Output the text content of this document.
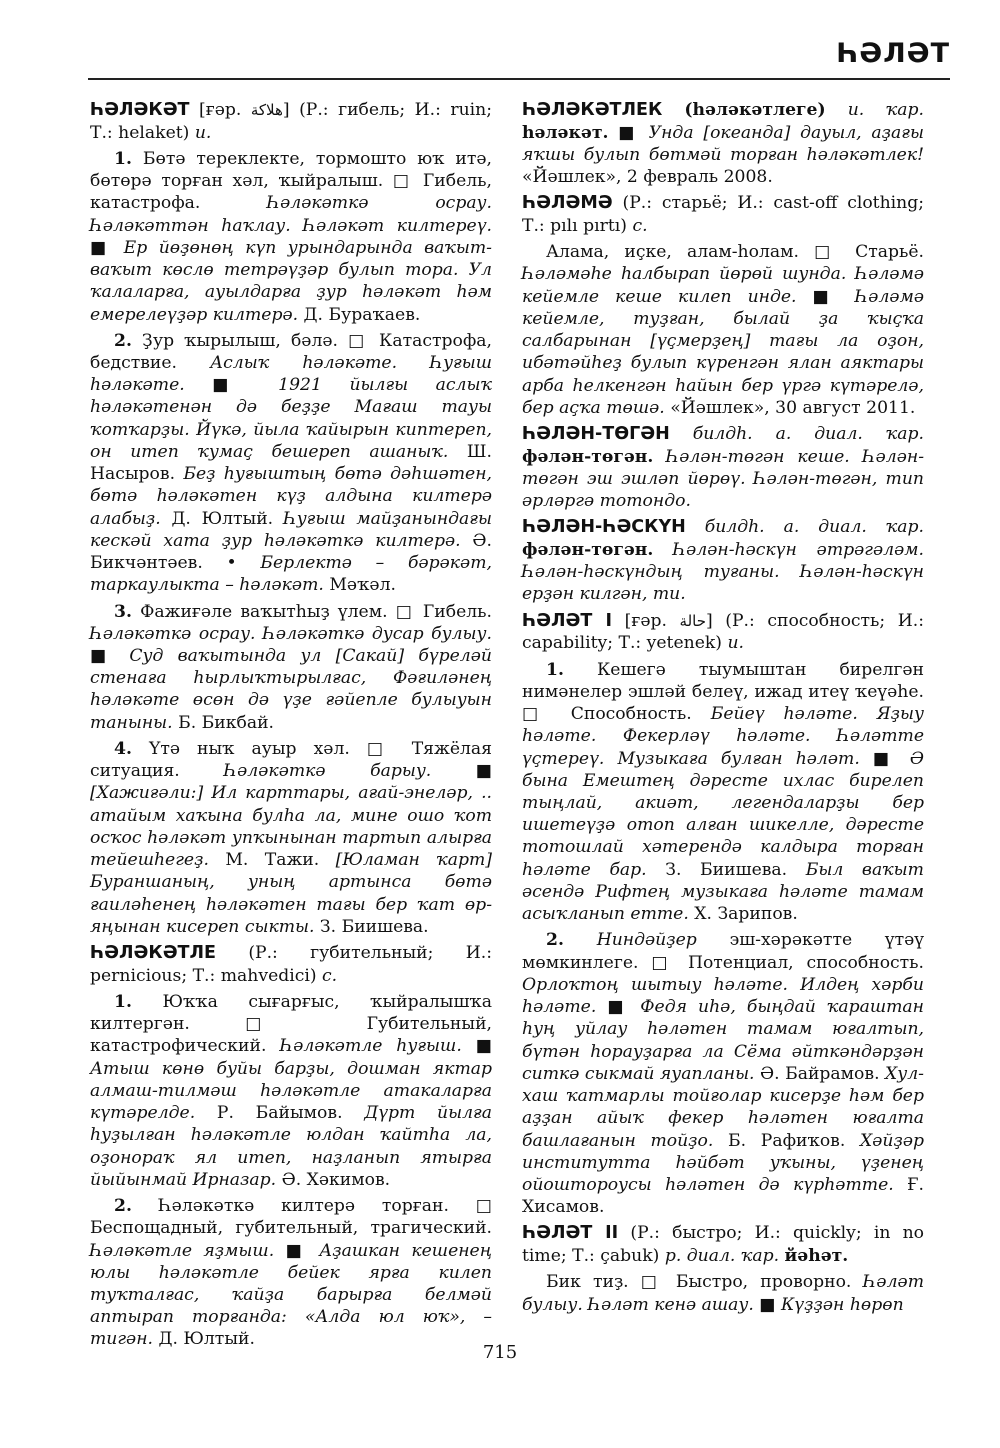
ҺӘЛӘТ

ҺӘЛӘКӘТ [ғәр. هلاكة] (Р.: гибель; И.: ruin; Т.: helaket) и.

1. Бөтә тереклекте, тормошто юҡ итә, бөтөрә торған хәл, ҡыйралыш. □ Гибель, катастрофа. Һәләкәткә осрау. Һәләкәттән һаҡлау. Һәләкәт килтереү. ■ Ер йөҙөнөң күп урындарында ваҡыт-ваҡыт көслө тетрәүҙәр булып тора. Ул ҡалаларға, ауылдарға ҙур һәләкәт һәм емерелеүҙәр килтерә. Д. Бураҡаев.

2. Ҙур ҡырылыш, бәлә. □ Катастрофа, бедствие. Аслыҡ һәләкәте. Һуғыш һәләкәте. ■	1921 йылғы аслыҡ һәләкәтенән дә беҙҙе Мағаш тауы ҡотҡарҙы. Йүкә, йыла ҡайырын киптереп, он итеп ҡумаҫ бешереп ашаныҡ. Ш. Насыров. Беҙ һуғыштың бөтә дәһшәтен, бөтә һәләкәтен күҙ алдына килтерә алабыҙ. Д. Юлтый. Һуғыш майҙанындағы кескәй хата ҙур һәләкәткә килтерә. Ә. Бикчәнтәев. • Берлектә – бәрәкәт, таркаулыкта – һәләкәт. Мәҡәл.

3. Фажиғәле ваҡытһыҙ үлем. □ Гибель. Һәләкәткә осрау. Һәләкәткә дусар булыу. ■ Суд ваҡытында ул [Сакай] бүреләй стенаға һырлыҡтырылғас, Фәғиләнең һәләкәте өсөн дә үҙе ғәйепле булыуын таныны. Б. Бикбай.

4. Үтә ныҡ ауыр хәл. □ Тяжёлая ситуация. Һәләкәткә барыу. ■ [Хажиғәли:] Ил карттары, ағай-энеләр, .. атайым хаҡына булһа ла, мине ошо ҡот осҡос һәләкәт упҡынынан тартып алырға тейешһегеҙ. М. Тажи. [Юламан ҡарт] Бураншаның, уның артынса бөтә ғаиләһенең һәләкәтен тағы бер ҡат өр-яңынан кисереп сыкты. З. Биишева.

ҺӘЛӘКӘТЛЕ (Р.: губительный; И.: pernicious; Т.: mahvedici) с.

1. Юҡҡа сығарғыс, ҡыйралышҡа килтергән. □	Губительный, катастрофический. Һәләкәтле һуғыш. ■ Атыш көнө буйы барҙы, дошман яктар алмаш-тилмәш һәләкәтле атакаларға күтәрелде. Р. Байымов. Дүрт йылға һуҙылған һәләкәтле юлдан ҡайтһа ла, оҙонораҡ ял итеп, наҙланып ятырға йыйынмай Ирназар. Ә. Хәкимов.

2. Һәләкәткә килтерә торған. □ Беспощадный, губительный, трагический. Һәләкәтле яҙмыш. ■ Аҙашкан кешенең юлы һәләкәтле бейек ярға килеп туҡталғас, ҡайҙа барырға белмәй аптырап торғанда: «Алда юл юҡ», – тигән. Д. Юлтый.

ҺӘЛӘКӘТЛЕК (һәләкәтлеге) и. ҡар. һәләкәт. ■ Унда [океанда] дауыл, аҙағы яҡшы булып бөтмәй торған һәләкәтлек! «Йәшлек», 2 февраль 2008.

ҺӘЛӘМӘ (Р.: старьё; И.: cast-off clothing; Т.: pılı pırtı) с.

Алама, иҫке, алам-һолам. □ Старьё. Һәләмәһе һалбырап йөрөй шунда. Һәләмә кейемле кеше килеп инде. ■ Һәләмә кейемле, туҙған, былай ҙа ҡыҫҡа салбарынан [үҫмерҙең] тағы ла оҙон, ибәтәйһеҙ булып күренгән ялан аяктары арба һелкенгән һайын бер үргә күтәрелә, бер аҫҡа төшә. «Йәшлек», 30 август 2011.

ҺӘЛӘН-ТӨГӘН билдһ. а. диал. ҡар. фәлән-төгән. Һәлән-төгән кеше. Һәлән-төгән эш эшләп йөрөү. Һәлән-төгән, тип әрләргә тотондо.

ҺӘЛӘН-ҺӘСКҮН билдһ. а. диал. ҡар. фәлән-төгән. Һәлән-һәскүн әтрәгәләм. Һәлән-һәскүндың туғаны. Һәлән-һәскүн ерҙән килгән, ти.

ҺӘЛӘТ I [ғәр. حالة] (Р.: способность; И.: capability; Т.: yetenek) и.

1. Кешегә тыумыштан бирелгән нимәнелер эшләй белеү, ижад итеү ҡеүәһе. □ Способность. Бейеү һәләте. Яҙыу һәләте. Фекерләү һәләте. Һәләтте үҫтереү. Музыкаға булған һәләт. ■ Ә бына Емештең дәресте ихлас бирелеп тыңлай, акиәт, легендаларҙы бер ишетеүҙә отоп алған шикелле, дәресте тотошлай хәтерендә калдыра торған һәләте бар. З. Биишева. Был ваҡыт әсендә Рифтең музыкаға һәләте тамам асыҡланып етте. Х. Зарипов.

2. Ниндәйҙер эш-хәрәкәтте үтәү мөмкинлеге. □ Потенциал, способность. Орлоҡтоң шытыу һәләте. Илдең хәрби һәләте. ■ Федя иһә, быңдай ҡараштан һуң уйлау һәләтен тамам юғалтып, бүтән һорауҙарға ла Сёма әйткәндәрҙән ситкә сыкмай яуапланы. Ә. Байрамов. Хул-хаш ҡатмарлы тойғолар кисерҙе һәм бер аҙҙан айыҡ фекер һәләтен юғалта башлағанын тойҙо. Б. Рафиҡов. Хәйҙәр институтта һәйбәт уҡыны, үҙенең ойоштороусы һәләтен дә күрһәтте. Ғ. Хисамов.

ҺӘЛӘТ II (Р.: быстро; И.: quickly; in no time; Т.: çabuk) р. диал. ҡар. йәһәт.

Бик тиҙ. □ Быстро, проворно. Һәләт булыу. Һәләт кенә ашау. ■ Күҙҙән һөрөп

715
